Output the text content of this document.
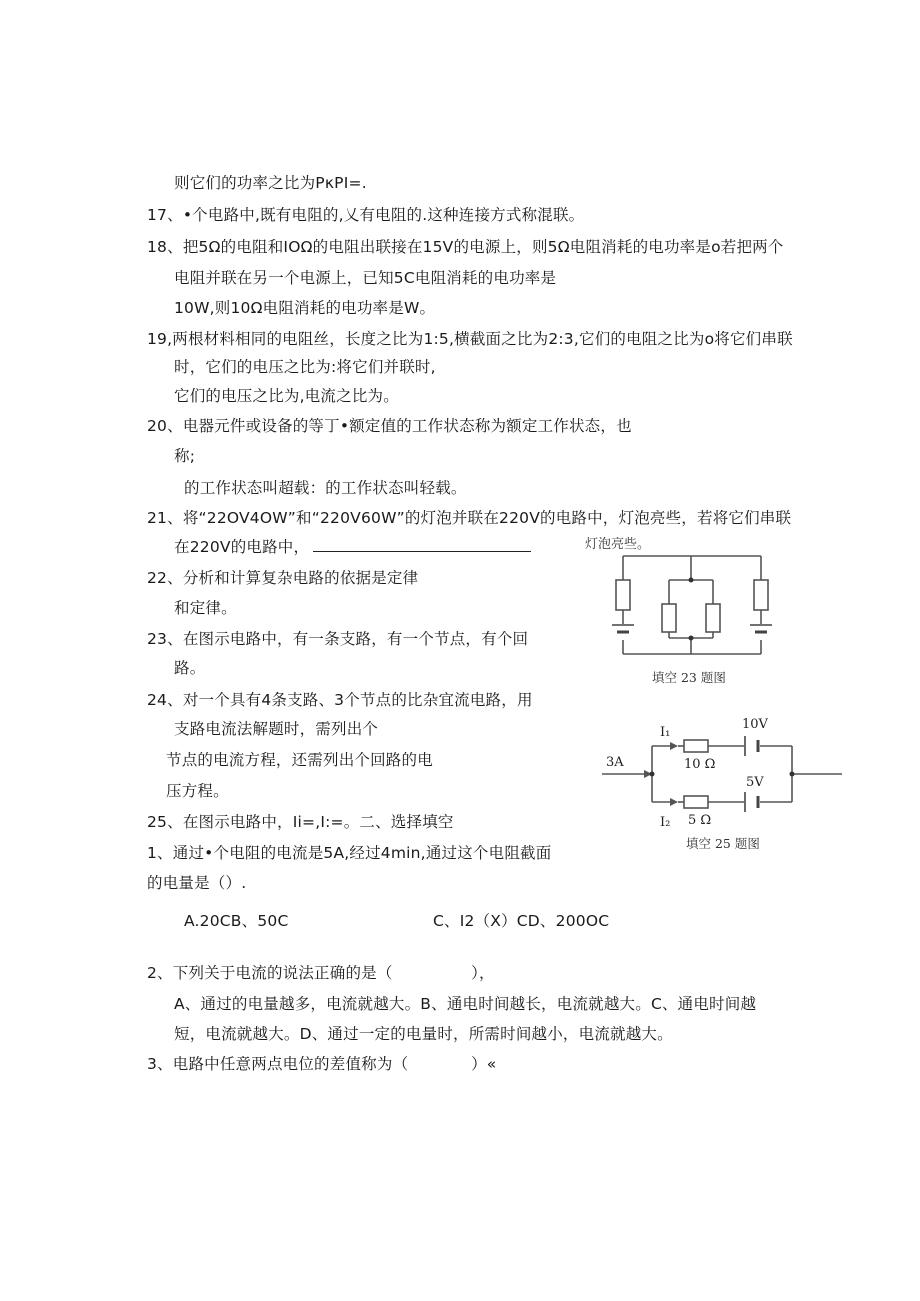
则它们的功率之比为PκPI=.
17、•个电路中,既有电阻的,乂有电阻的.这种连接方式称混联。
18、把5Ω的电阻和IOΩ的电阻出联接在15V的电源上，则5Ω电阻消耗的电功率是o若把两个
电阻并联在另一个电源上，已知5C电阻消耗的电功率是
10W,则10Ω电阻消耗的电功率是W。
19,两根材料相同的电阻丝，长度之比为1:5,横截面之比为2:3,它们的电阻之比为o将它们串联
时，它们的电压之比为:将它们并联时,
它们的电压之比为,电流之比为。
20、电器元件或设备的等丁•额定值的工作状态称为额定工作状态，也
称;
的工作状态叫超载：的工作状态叫轻载。
21、将“22OV4OW”和“220V60W”的灯泡并联在220V的电路中，灯泡亮些，若将它们串联
在220V的电路中，
22、分析和计算复杂电路的依据是定律
和定律。
23、在图示电路中，有一条支路，有一个节点，有个回
路。
24、对一个具有4条支路、3个节点的比杂宜流电路，用
支路电流法解题时，需列出个
节点的电流方程，还需列出个回路的电
压方程。
25、在图示电路中，Ii=,I:=。二、选择填空
1、通过•个电阻的电流是5A,经过4min,通过这个电阻截面
的电量是（）.
A.20CB、50C	C、I2（X）CD、200OC
2、下列关于电流的说法正确的是（　　　　　），
A、通过的电量越多，电流就越大。B、通电时间越长，电流就越大。C、通电时间越
短，电流就越大。D、通过一定的电量时，所需时间越小，电流就越大。
3、电路中任意两点电位的差值称为（　　　　）«
灯泡亮些。
填空 23 题图
3A
I₁
I₂
10 Ω
5 Ω
10V
5V
填空 25 题图
